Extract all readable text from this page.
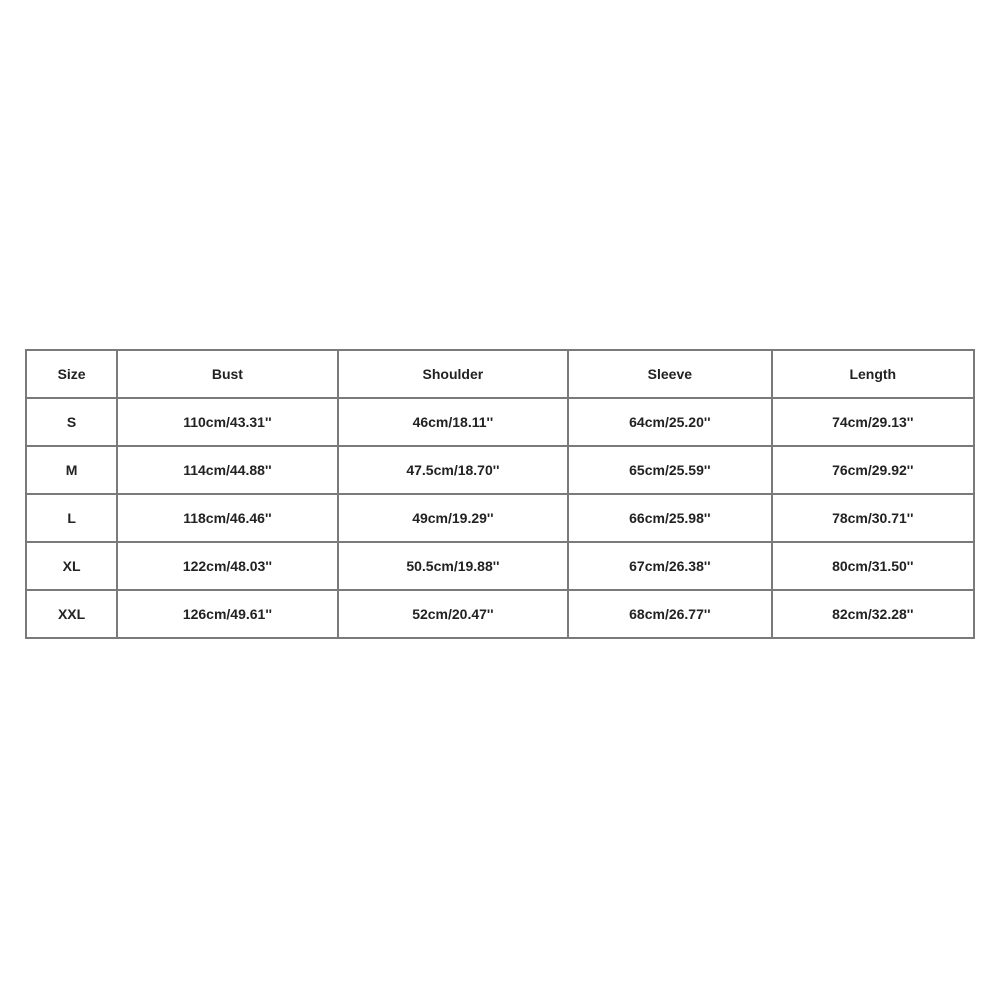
Size	Bust	Shoulder	Sleeve	Length
S	110cm/43.31''	46cm/18.11''	64cm/25.20''	74cm/29.13''
M	114cm/44.88''	47.5cm/18.70''	65cm/25.59''	76cm/29.92''
L	118cm/46.46''	49cm/19.29''	66cm/25.98''	78cm/30.71''
XL	122cm/48.03''	50.5cm/19.88''	67cm/26.38''	80cm/31.50''
XXL	126cm/49.61''	52cm/20.47''	68cm/26.77''	82cm/32.28''
